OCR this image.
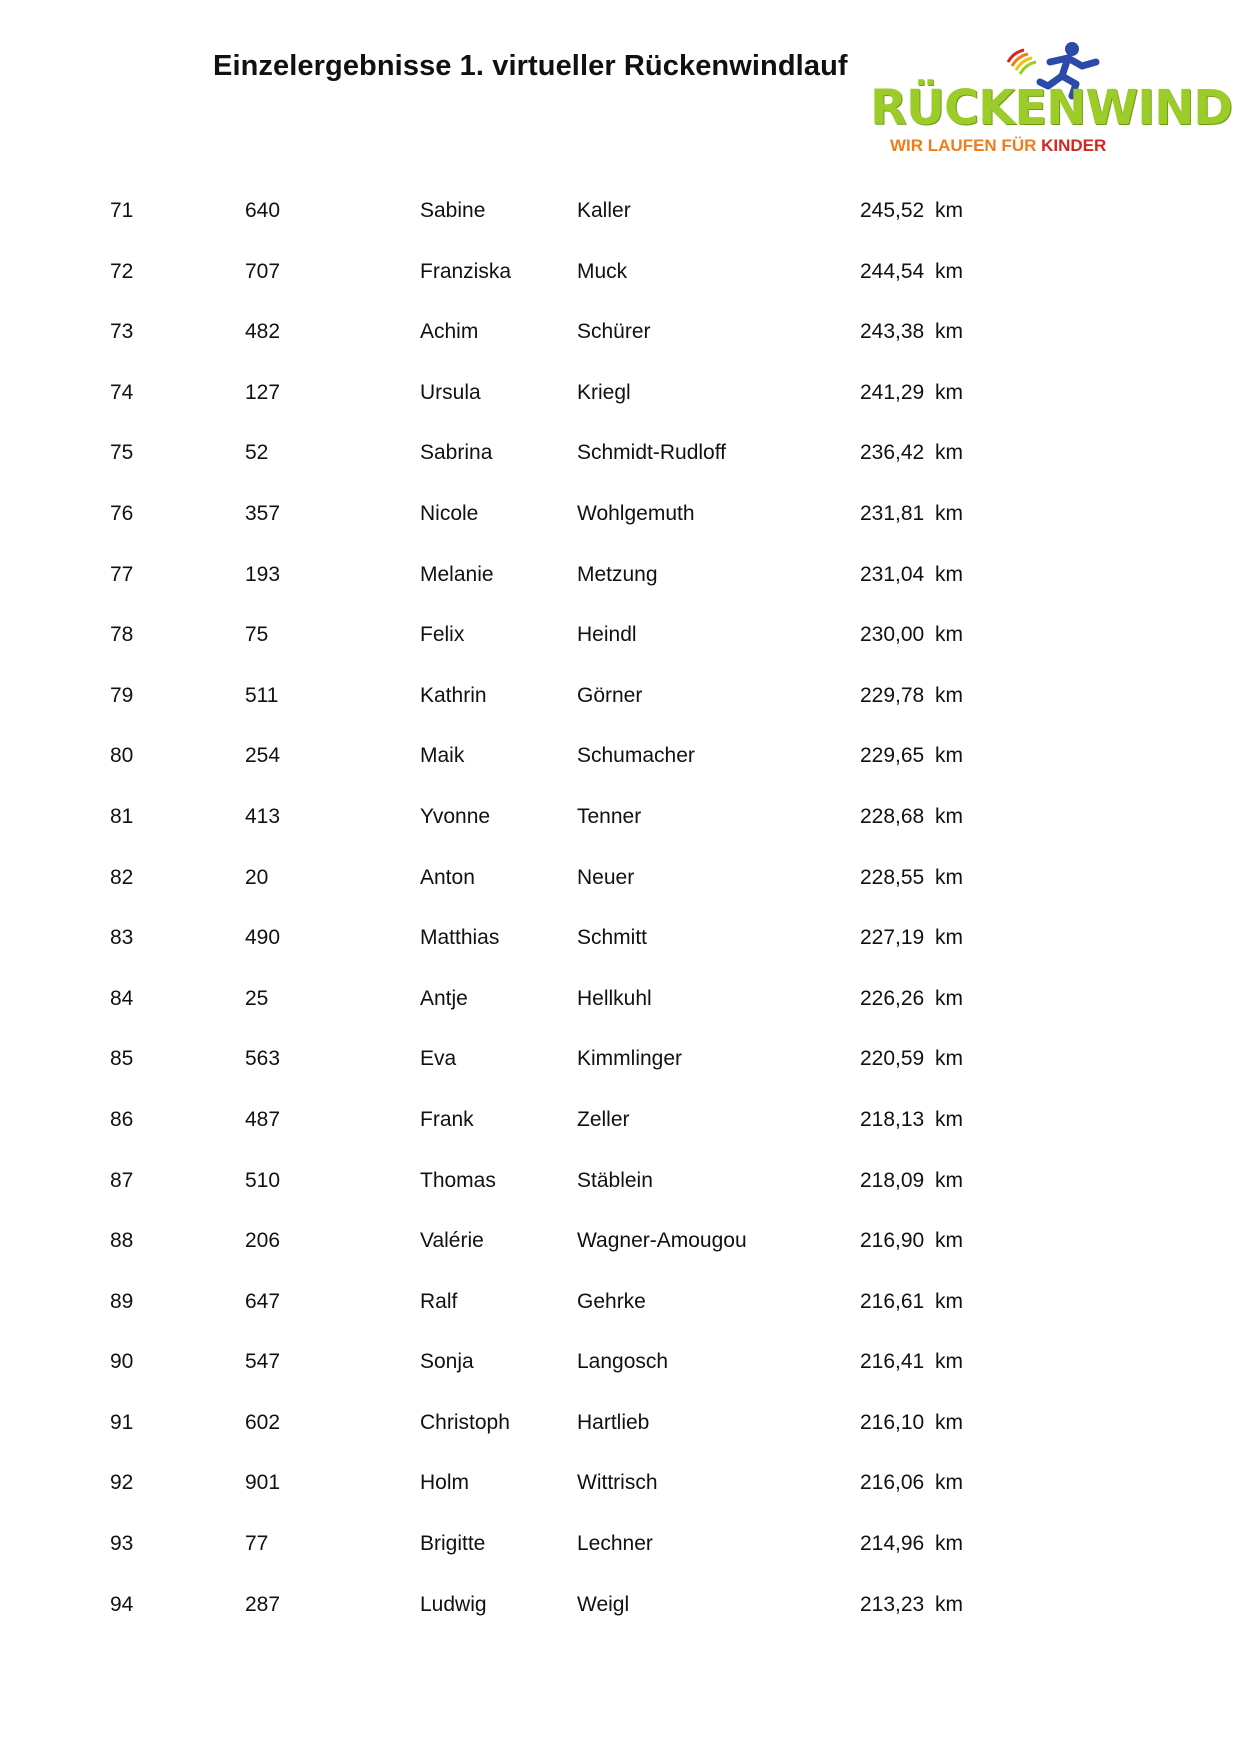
Einzelergebnisse 1. virtueller Rückenwindlauf
RÜCKENWIND
WIR LAUFEN FÜR KINDER
71	640	Sabine	Kaller	245,52 km
72	707	Franziska	Muck	244,54 km
73	482	Achim	Schürer	243,38 km
74	127	Ursula	Kriegl	241,29 km
75	52	Sabrina	Schmidt-Rudloff	236,42 km
76	357	Nicole	Wohlgemuth	231,81 km
77	193	Melanie	Metzung	231,04 km
78	75	Felix	Heindl	230,00 km
79	511	Kathrin	Görner	229,78 km
80	254	Maik	Schumacher	229,65 km
81	413	Yvonne	Tenner	228,68 km
82	20	Anton	Neuer	228,55 km
83	490	Matthias	Schmitt	227,19 km
84	25	Antje	Hellkuhl	226,26 km
85	563	Eva	Kimmlinger	220,59 km
86	487	Frank	Zeller	218,13 km
87	510	Thomas	Stäblein	218,09 km
88	206	Valérie	Wagner-Amougou	216,90 km
89	647	Ralf	Gehrke	216,61 km
90	547	Sonja	Langosch	216,41 km
91	602	Christoph	Hartlieb	216,10 km
92	901	Holm	Wittrisch	216,06 km
93	77	Brigitte	Lechner	214,96 km
94	287	Ludwig	Weigl	213,23 km
